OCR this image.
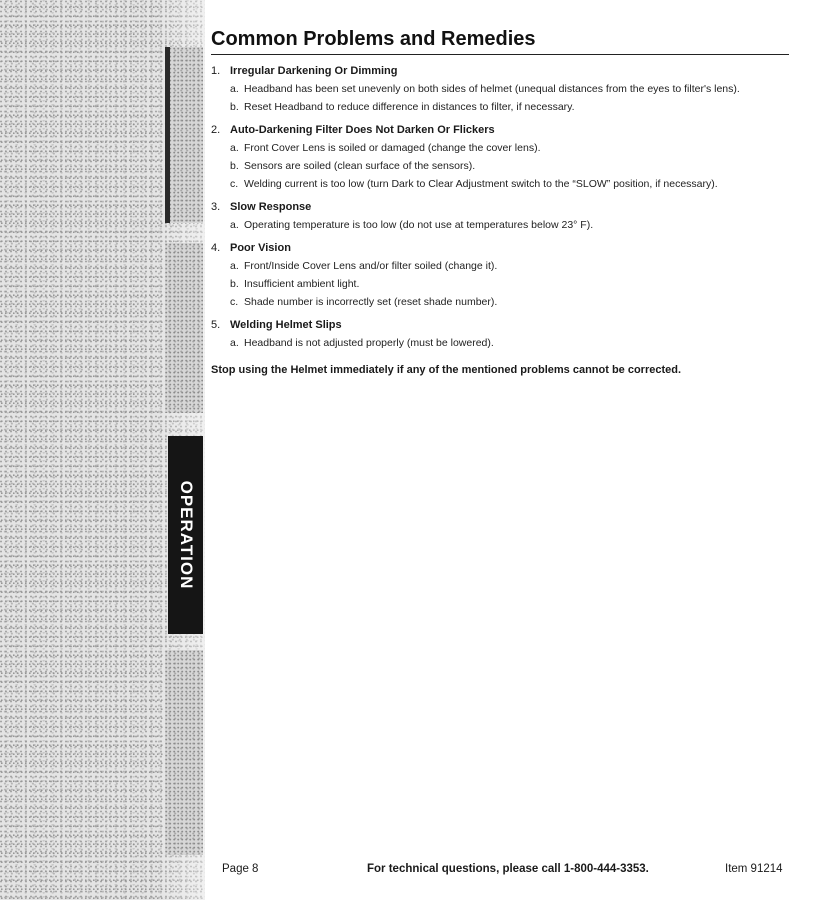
OPERATION
Common Problems and Remedies
1. Irregular Darkening Or Dimming
a. Headband has been set unevenly on both sides of helmet (unequal distances from the eyes to filter's lens).
b. Reset Headband to reduce difference in distances to filter, if necessary.
2. Auto-Darkening Filter Does Not Darken Or Flickers
a. Front Cover Lens is soiled or damaged (change the cover lens).
b. Sensors are soiled (clean surface of the sensors).
c. Welding current is too low (turn Dark to Clear Adjustment switch to the “SLOW” position, if necessary).
3. Slow Response
a. Operating temperature is too low (do not use at temperatures below 23° F).
4. Poor Vision
a. Front/Inside Cover Lens and/or filter soiled (change it).
b. Insufficient ambient light.
c. Shade number is incorrectly set (reset shade number).
5. Welding Helmet Slips
a. Headband is not adjusted properly (must be lowered).
Stop using the Helmet immediately if any of the mentioned problems cannot be corrected.
Page 8	For technical questions, please call 1-800-444-3353.	Item 91214
